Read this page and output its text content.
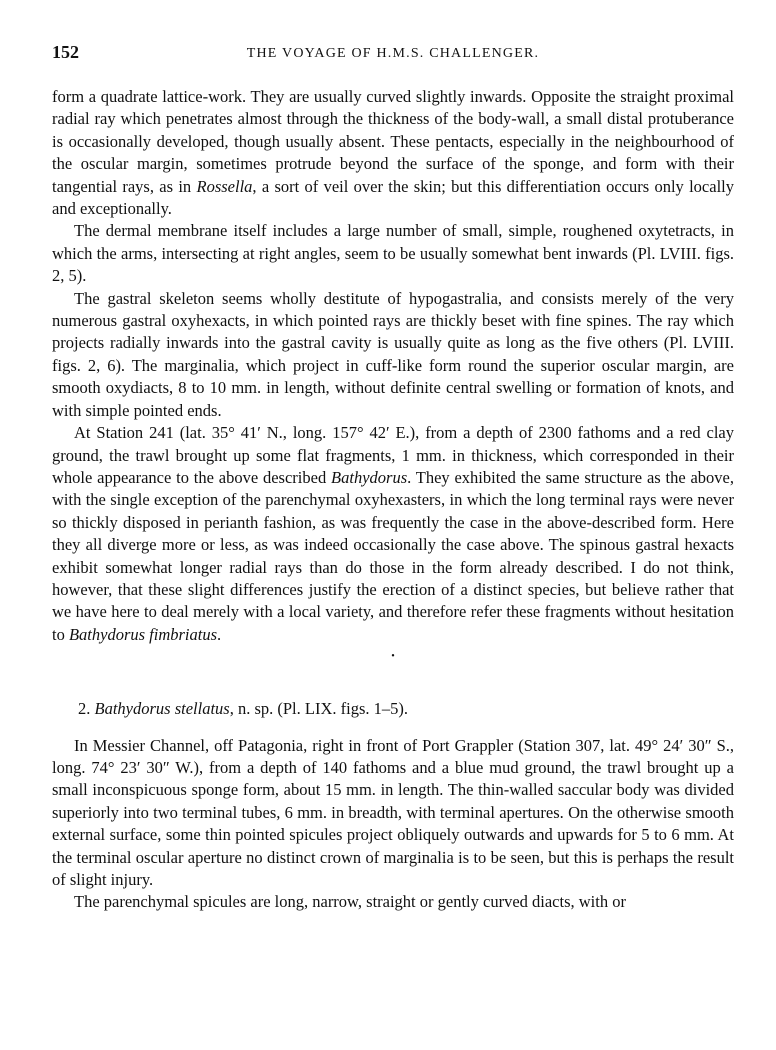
152	THE VOYAGE OF H.M.S. CHALLENGER.

form a quadrate lattice-work. They are usually curved slightly inwards. Opposite the straight proximal radial ray which penetrates almost through the thickness of the body-wall, a small distal protuberance is occasionally developed, though usually absent. These pentacts, especially in the neighbourhood of the oscular margin, sometimes protrude beyond the surface of the sponge, and form with their tangential rays, as in Rossella, a sort of veil over the skin; but this differentiation occurs only locally and exceptionally.

The dermal membrane itself includes a large number of small, simple, roughened oxytetracts, in which the arms, intersecting at right angles, seem to be usually somewhat bent inwards (Pl. LVIII. figs. 2, 5).

The gastral skeleton seems wholly destitute of hypogastralia, and consists merely of the very numerous gastral oxyhexacts, in which pointed rays are thickly beset with fine spines. The ray which projects radially inwards into the gastral cavity is usually quite as long as the five others (Pl. LVIII. figs. 2, 6). The marginalia, which project in cuff-like form round the superior oscular margin, are smooth oxydiacts, 8 to 10 mm. in length, without definite central swelling or formation of knots, and with simple pointed ends.

At Station 241 (lat. 35° 41′ N., long. 157° 42′ E.), from a depth of 2300 fathoms and a red clay ground, the trawl brought up some flat fragments, 1 mm. in thickness, which corresponded in their whole appearance to the above described Bathydorus. They exhibited the same structure as the above, with the single exception of the parenchymal oxyhexasters, in which the long terminal rays were never so thickly disposed in perianth fashion, as was frequently the case in the above-described form. Here they all diverge more or less, as was indeed occasionally the case above. The spinous gastral hexacts exhibit somewhat longer radial rays than do those in the form already described. I do not think, however, that these slight differences justify the erection of a distinct species, but believe rather that we have here to deal merely with a local variety, and therefore refer these fragments without hesitation to Bathydorus fimbriatus.

•

2. Bathydorus stellatus, n. sp. (Pl. LIX. figs. 1–5).

In Messier Channel, off Patagonia, right in front of Port Grappler (Station 307, lat. 49° 24′ 30″ S., long. 74° 23′ 30″ W.), from a depth of 140 fathoms and a blue mud ground, the trawl brought up a small inconspicuous sponge form, about 15 mm. in length. The thin-walled saccular body was divided superiorly into two terminal tubes, 6 mm. in breadth, with terminal apertures. On the otherwise smooth external surface, some thin pointed spicules project obliquely outwards and upwards for 5 to 6 mm. At the terminal oscular aperture no distinct crown of marginalia is to be seen, but this is perhaps the result of slight injury.

The parenchymal spicules are long, narrow, straight or gently curved diacts, with or
